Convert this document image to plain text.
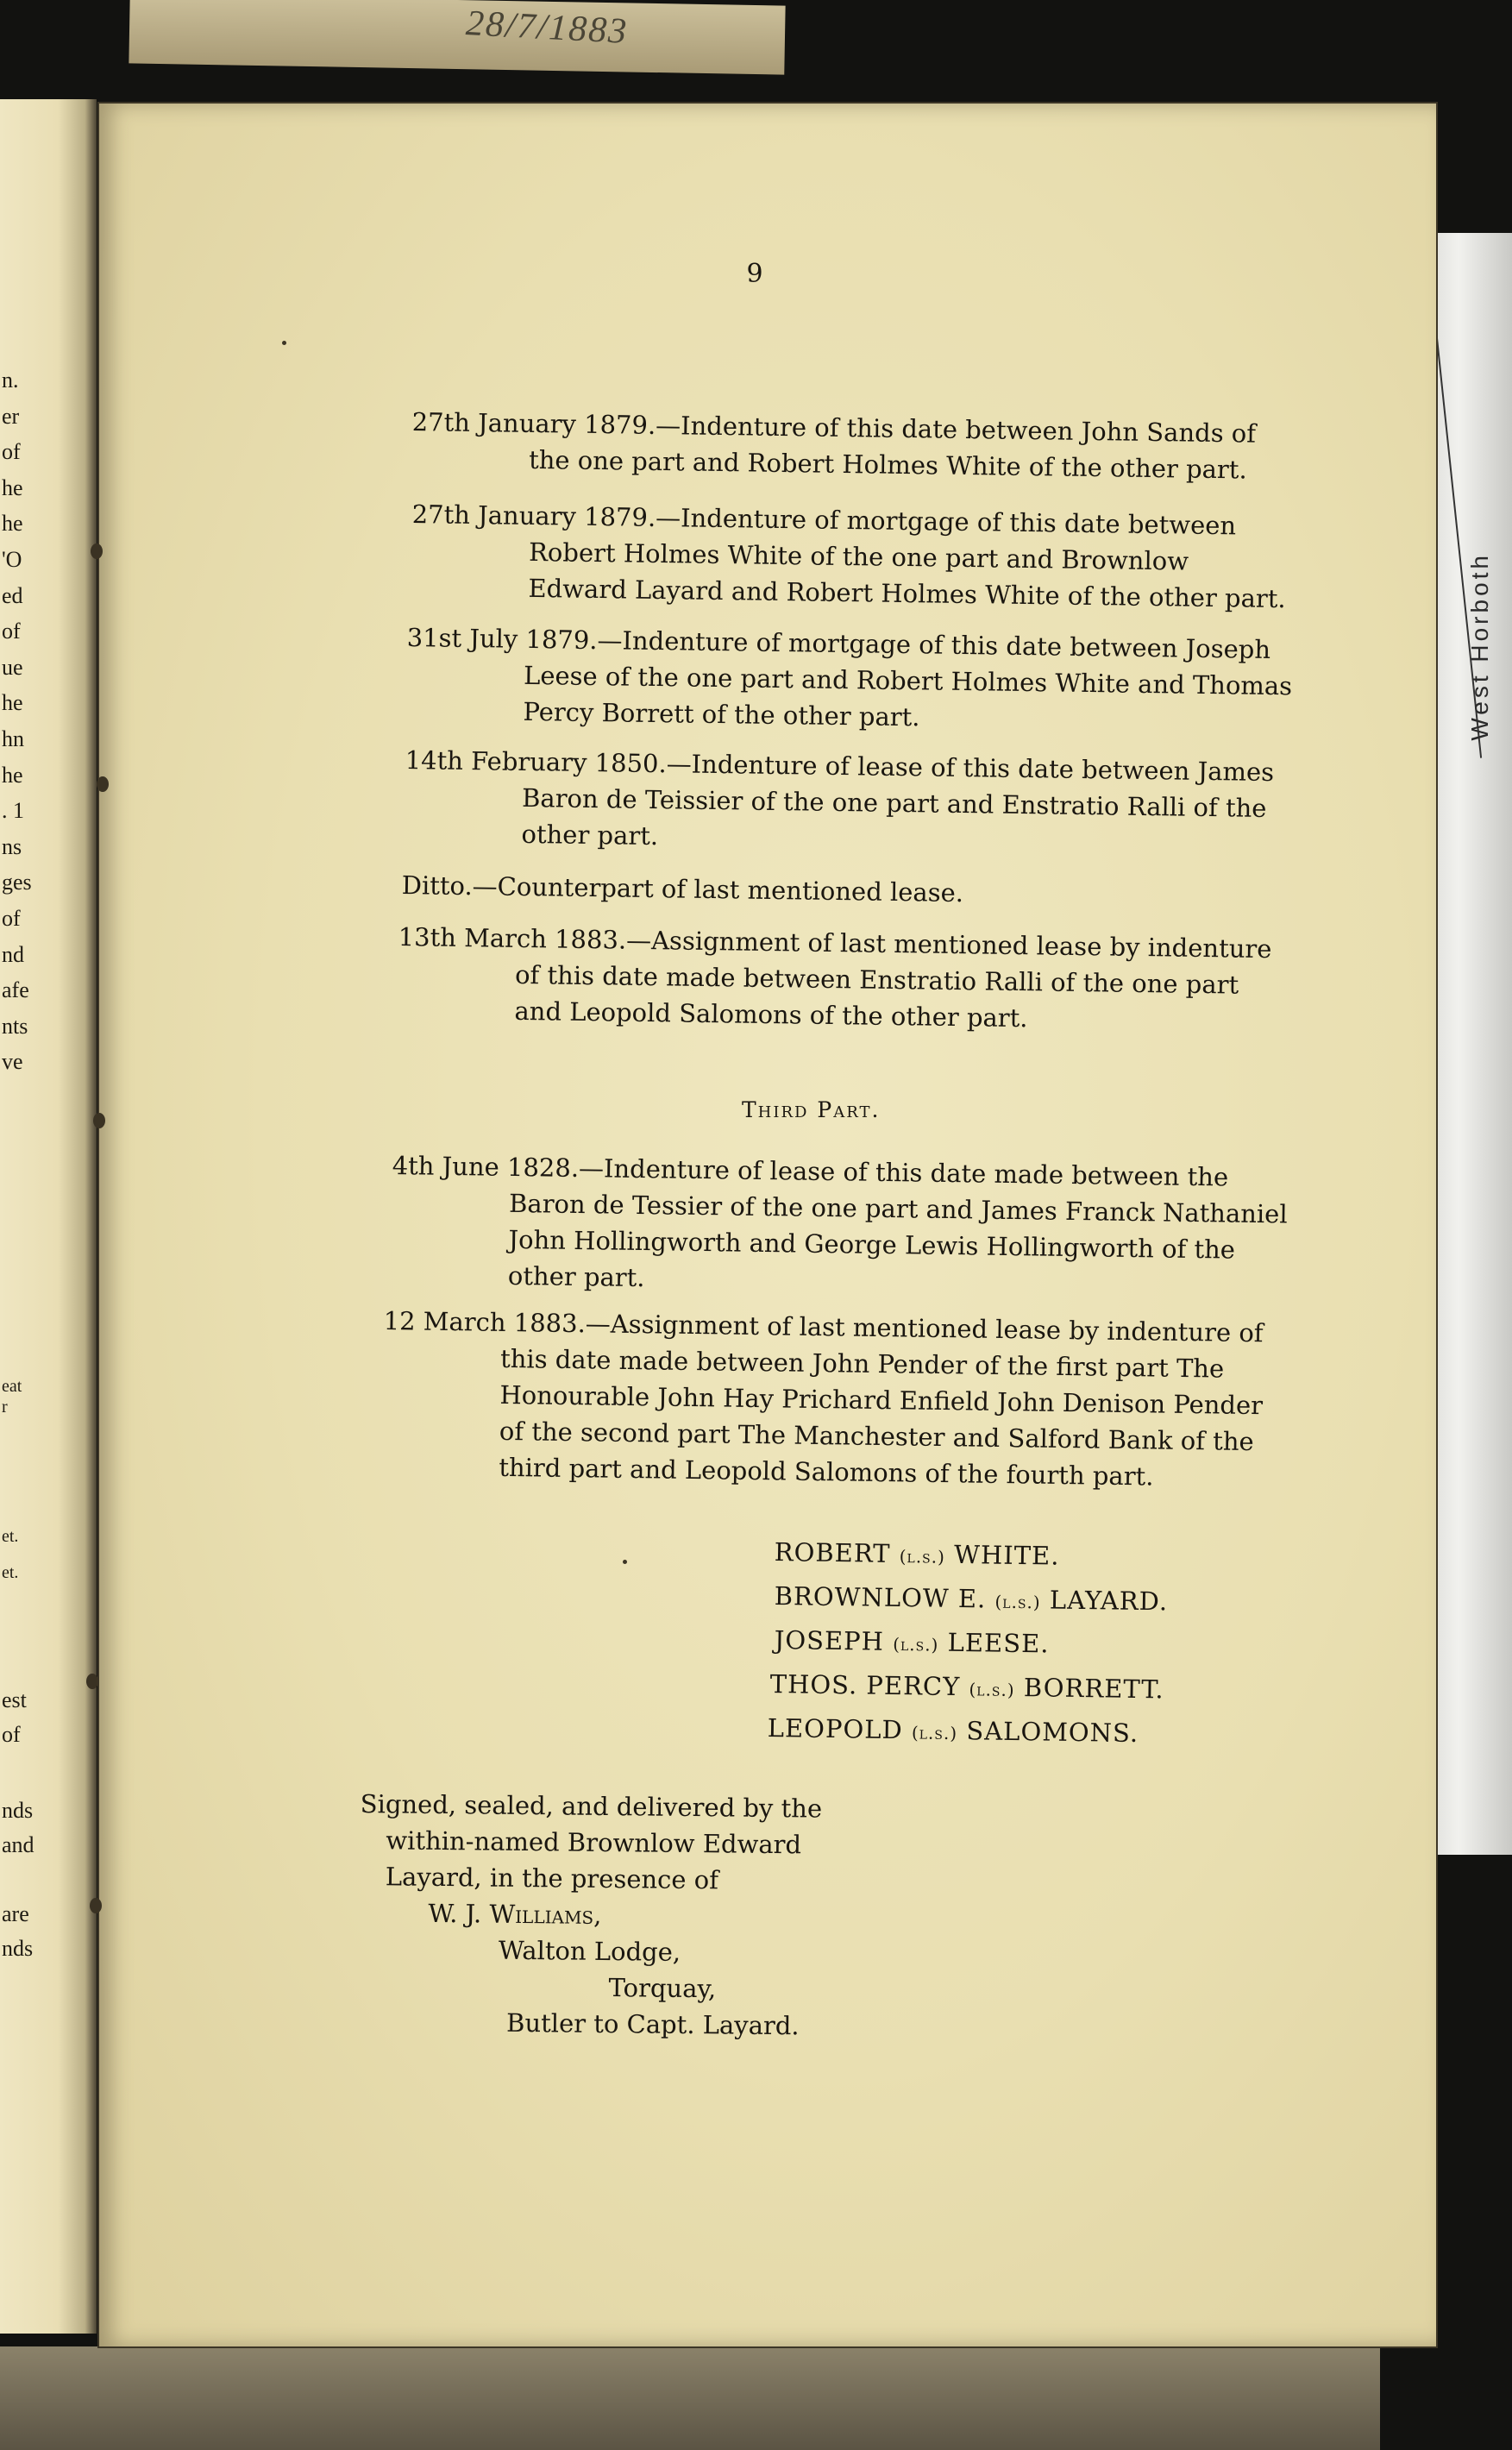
28/7/1883
n.
er
of
he
he
'O
ed
of
ue
he
hn
he
. 1
ns
ges
of
nd
afe
nts
ve
eat
r
et.
et.
est
of
nds
and
are
nds
West Horboth
9
27th January 1879.—Indenture of this date between John Sands of
the one part and Robert Holmes White of the other part.
27th January 1879.—Indenture of mortgage of this date between
Robert Holmes White of the one part and Brownlow
Edward Layard and Robert Holmes White of the other part.
31st July 1879.—Indenture of mortgage of this date between Joseph
Leese of the one part and Robert Holmes White and Thomas
Percy Borrett of the other part.
14th February 1850.—Indenture of lease of this date between James
Baron de Teissier of the one part and Enstratio Ralli of the
other part.
Ditto.—Counterpart of last mentioned lease.
13th March 1883.—Assignment of last mentioned lease by indenture
of this date made between Enstratio Ralli of the one part
and Leopold Salomons of the other part.
Third Part.
4th June 1828.—Indenture of lease of this date made between the
Baron de Tessier of the one part and James Franck Nathaniel
John Hollingworth and George Lewis Hollingworth of the
other part.
12 March 1883.—Assignment of last mentioned lease by indenture of
this date made between John Pender of the first part The
Honourable John Hay Prichard Enfield John Denison Pender
of the second part The Manchester and Salford Bank of the
third part and Leopold Salomons of the fourth part.
ROBERT (l.s.) WHITE.
BROWNLOW E. (l.s.) LAYARD.
JOSEPH (l.s.) LEESE.
THOS. PERCY (l.s.) BORRETT.
LEOPOLD (l.s.) SALOMONS.
Signed, sealed, and delivered by the
within-named Brownlow Edward
Layard, in the presence of
W. J. Williams,
Walton Lodge,
Torquay,
Butler to Capt. Layard.
